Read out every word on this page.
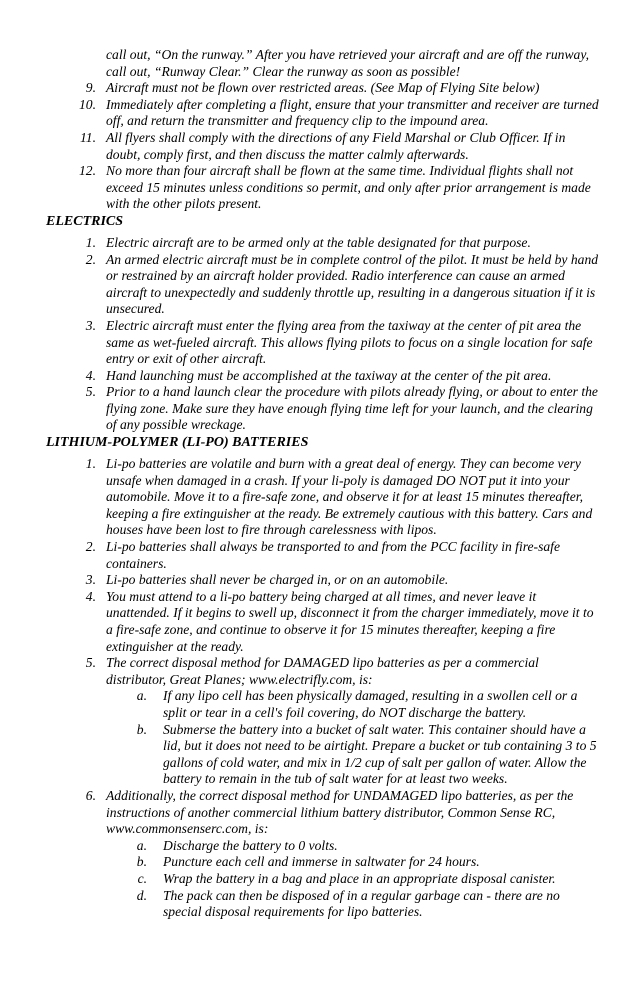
call out, “On the runway.” After you have retrieved your aircraft and are off the runway, call out, “Runway Clear.” Clear the runway as soon as possible!
9. Aircraft must not be flown over restricted areas. (See Map of Flying Site below)
10. Immediately after completing a flight, ensure that your transmitter and receiver are turned off, and return the transmitter and frequency clip to the impound area.
11. All flyers shall comply with the directions of any Field Marshal or Club Officer. If in doubt, comply first, and then discuss the matter calmly afterwards.
12. No more than four aircraft shall be flown at the same time. Individual flights shall not exceed 15 minutes unless conditions so permit, and only after prior arrangement is made with the other pilots present.
ELECTRICS
1. Electric aircraft are to be armed only at the table designated for that purpose.
2. An armed electric aircraft must be in complete control of the pilot. It must be held by hand or restrained by an aircraft holder provided. Radio interference can cause an armed aircraft to unexpectedly and suddenly throttle up, resulting in a dangerous situation if it is unsecured.
3. Electric aircraft must enter the flying area from the taxiway at the center of pit area the same as wet-fueled aircraft. This allows flying pilots to focus on a single location for safe entry or exit of other aircraft.
4. Hand launching must be accomplished at the taxiway at the center of the pit area.
5. Prior to a hand launch clear the procedure with pilots already flying, or about to enter the flying zone. Make sure they have enough flying time left for your launch, and the clearing of any possible wreckage.
LITHIUM-POLYMER (LI-PO) BATTERIES
1. Li-po batteries are volatile and burn with a great deal of energy. They can become very unsafe when damaged in a crash. If your li-poly is damaged DO NOT put it into your automobile. Move it to a fire-safe zone, and observe it for at least 15 minutes thereafter, keeping a fire extinguisher at the ready. Be extremely cautious with this battery. Cars and houses have been lost to fire through carelessness with lipos.
2. Li-po batteries shall always be transported to and from the PCC facility in fire-safe containers.
3. Li-po batteries shall never be charged in, or on an automobile.
4. You must attend to a li-po battery being charged at all times, and never leave it unattended. If it begins to swell up, disconnect it from the charger immediately, move it to a fire-safe zone, and continue to observe it for 15 minutes thereafter, keeping a fire extinguisher at the ready.
5. The correct disposal method for DAMAGED lipo batteries as per a commercial distributor, Great Planes; www.electrifly.com, is:
a. If any lipo cell has been physically damaged, resulting in a swollen cell or a split or tear in a cell's foil covering, do NOT discharge the battery.
b. Submerse the battery into a bucket of salt water. This container should have a lid, but it does not need to be airtight. Prepare a bucket or tub containing 3 to 5 gallons of cold water, and mix in 1/2 cup of salt per gallon of water. Allow the battery to remain in the tub of salt water for at least two weeks.
6. Additionally, the correct disposal method for UNDAMAGED lipo batteries, as per the instructions of another commercial lithium battery distributor, Common Sense RC, www.commonsenserc.com, is:
a. Discharge the battery to 0 volts.
b. Puncture each cell and immerse in saltwater for 24 hours.
c. Wrap the battery in a bag and place in an appropriate disposal canister.
d. The pack can then be disposed of in a regular garbage can - there are no special disposal requirements for lipo batteries.
